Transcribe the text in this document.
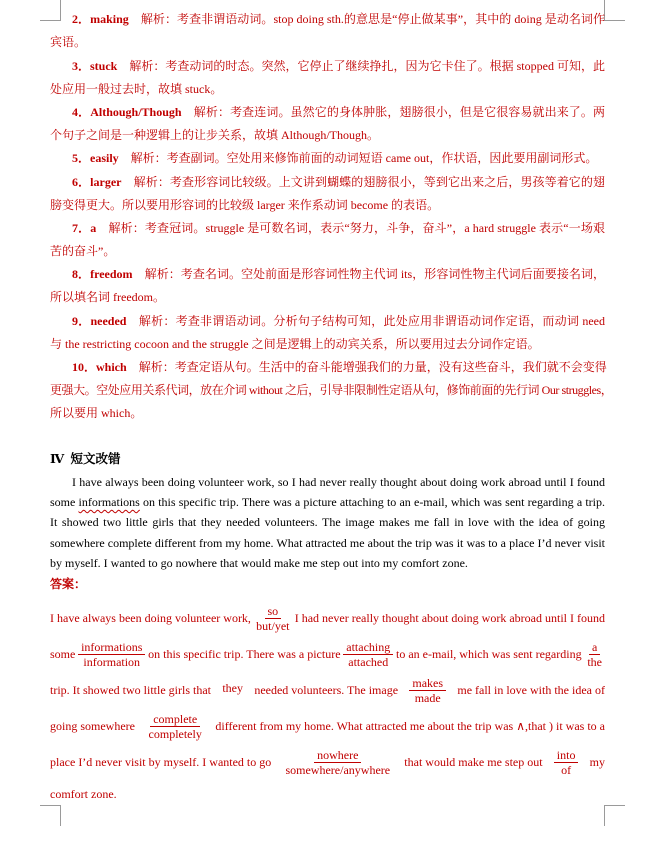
2．making　解析：考查非谓语动词。stop doing sth.的意思是“停止做某事”，其中的 doing 是动名词作
宾语。
3．stuck　解析：考查动词的时态。突然，它停止了继续挣扎，因为它卡住了。根据 stopped 可知，此
处应用一般过去时，故填 stuck。
4．Although/Though　解析：考查连词。虽然它的身体肿胀，翅膀很小，但是它很容易就出来了。两
个句子之间是一种逻辑上的让步关系，故填 Although/Though。
5．easily　解析：考查副词。空处用来修饰前面的动词短语 came out，作状语，因此要用副词形式。
6．larger　解析：考查形容词比较级。上文讲到蝴蝶的翅膀很小，等到它出来之后，男孩等着它的翅
膀变得更大。所以要用形容词的比较级 larger 来作系动词 become 的表语。
7．a　解析：考查冠词。struggle 是可数名词，表示“努力，斗争，奋斗”，a hard struggle 表示“一场艰
苦的奋斗”。
8．freedom　解析：考查名词。空处前面是形容词性物主代词 its，形容词性物主代词后面要接名词，
所以填名词 freedom。
9．needed　解析：考查非谓语动词。分析句子结构可知，此处应用非谓语动词作定语，而动词 need
与 the restricting cocoon and the struggle 之间是逻辑上的动宾关系，所以要用过去分词作定语。
10．which　解析：考查定语从句。生活中的奋斗能增强我们的力量，没有这些奋斗，我们就不会变得
更强大。空处应用关系代词，放在介词 without 之后，引导非限制性定语从句，修饰前面的先行词 Our struggles，
所以要用 which。
Ⅳ 短文改错
I have always been doing volunteer work, so I had never really thought about doing work abroad until I found
some informations on this specific trip. There was a picture attaching to an e-mail, which was sent regarding a trip.
It showed two little girls that they needed volunteers. The image makes me fall in love with the idea of going
somewhere complete different from my home. What attracted me about the trip was it was to a place I’d never visit
by myself. I wanted to go nowhere that would make me step out into my comfort zone.
答案：
I have always been doing volunteer work, $\frac{so}{\text{but/yet}}$ I had never really thought about doing work abroad until I found
some $\frac{\text{informations}}{\text{information}}$ on this specific trip. There was a picture $\frac{\text{attaching}}{\text{attached}}$ to an e-mail, which was sent regarding $\frac{a}{\text{the}}$
trip. It showed two little girls that they needed volunteers. The image $\frac{\text{makes}}{\text{made}}$ me fall in love with the idea of
going somewhere $\frac{\text{complete}}{\text{completely}}$ different from my home. What attracted me about the trip was ∧,that ) it was to a
place I’d never visit by myself. I wanted to go $\frac{\text{nowhere}}{\text{somewhere/anywhere}}$ that would make me step out $\frac{\text{into}}{of}$ my
comfort zone.
